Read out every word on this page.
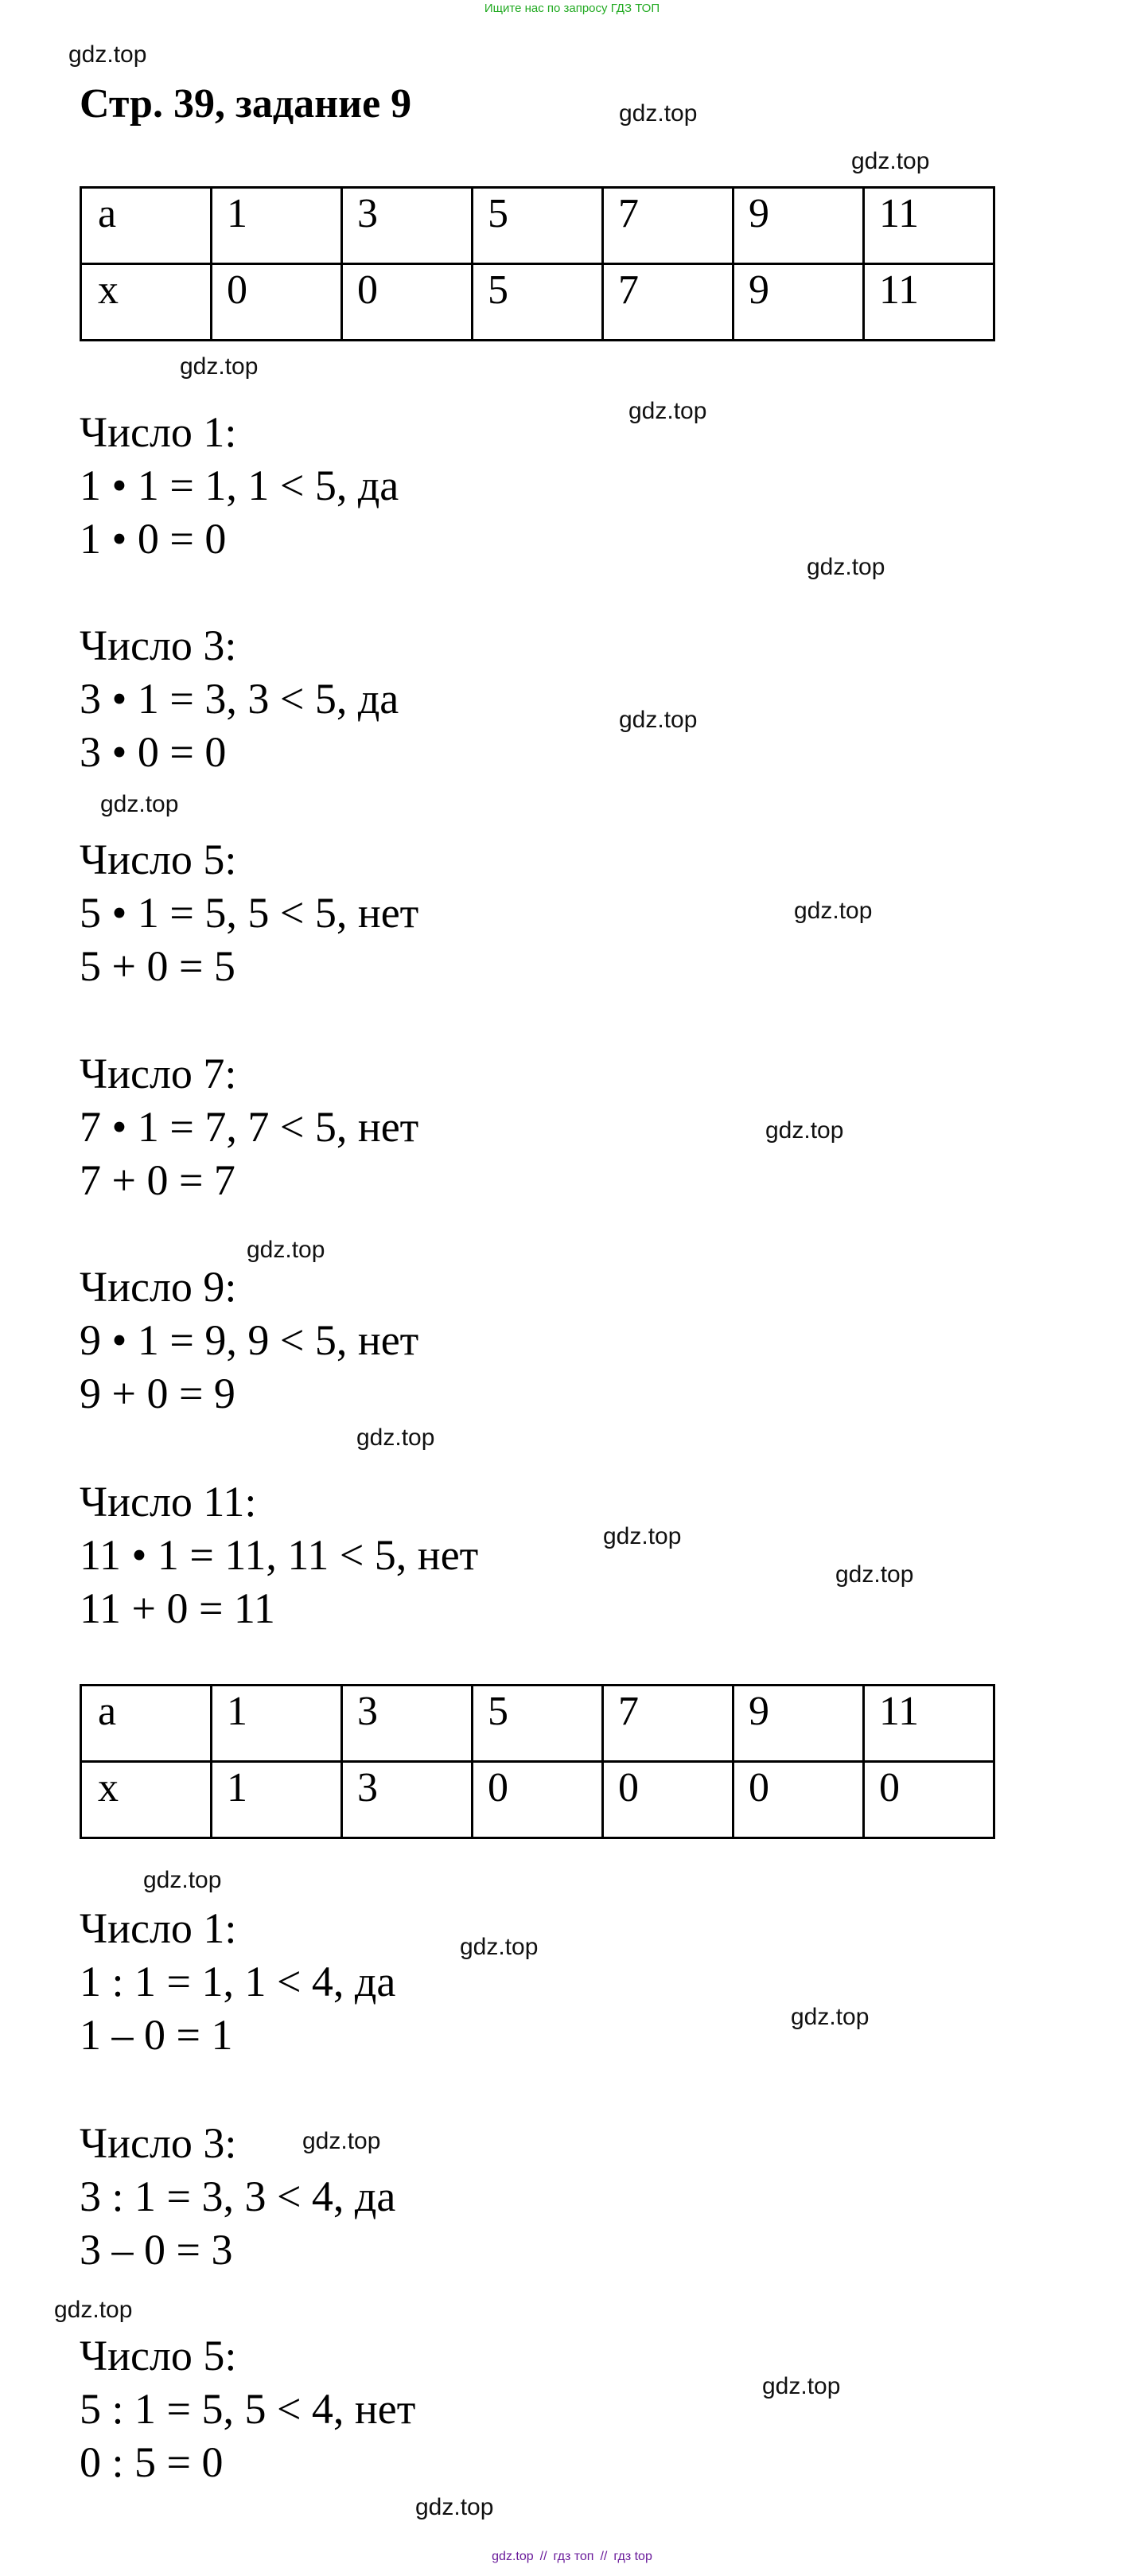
Ищите нас по запросу ГДЗ ТОП
gdz.top
gdz.top
gdz.top
gdz.top
gdz.top
gdz.top
gdz.top
gdz.top
gdz.top
gdz.top
gdz.top
gdz.top
gdz.top
gdz.top
gdz.top
gdz.top
gdz.top
gdz.top
gdz.top
gdz.top
gdz.top
Стр. 39, задание 9
a	1	3	5	7	9	11
x	0	0	5	7	9	11
Число 1:
1 • 1 = 1, 1 < 5, да
1 • 0 = 0
Число 3:
3 • 1 = 3, 3 < 5, да
3 • 0 = 0
Число 5:
5 • 1 = 5, 5 < 5, нет
5 + 0 = 5
Число 7:
7 • 1 = 7, 7 < 5, нет
7 + 0 = 7
Число 9:
9 • 1 = 9, 9 < 5, нет
9 + 0 = 9
Число 11:
11 • 1 = 11, 11 < 5, нет
11 + 0 = 11
a	1	3	5	7	9	11
x	1	3	0	0	0	0
Число 1:
1 : 1 = 1, 1 < 4, да
1 – 0 = 1
Число 3:
3 : 1 = 3, 3 < 4, да
3 – 0 = 3
Число 5:
5 : 1 = 5, 5 < 4, нет
0 : 5 = 0
gdz.top // гдз топ // гдз top
